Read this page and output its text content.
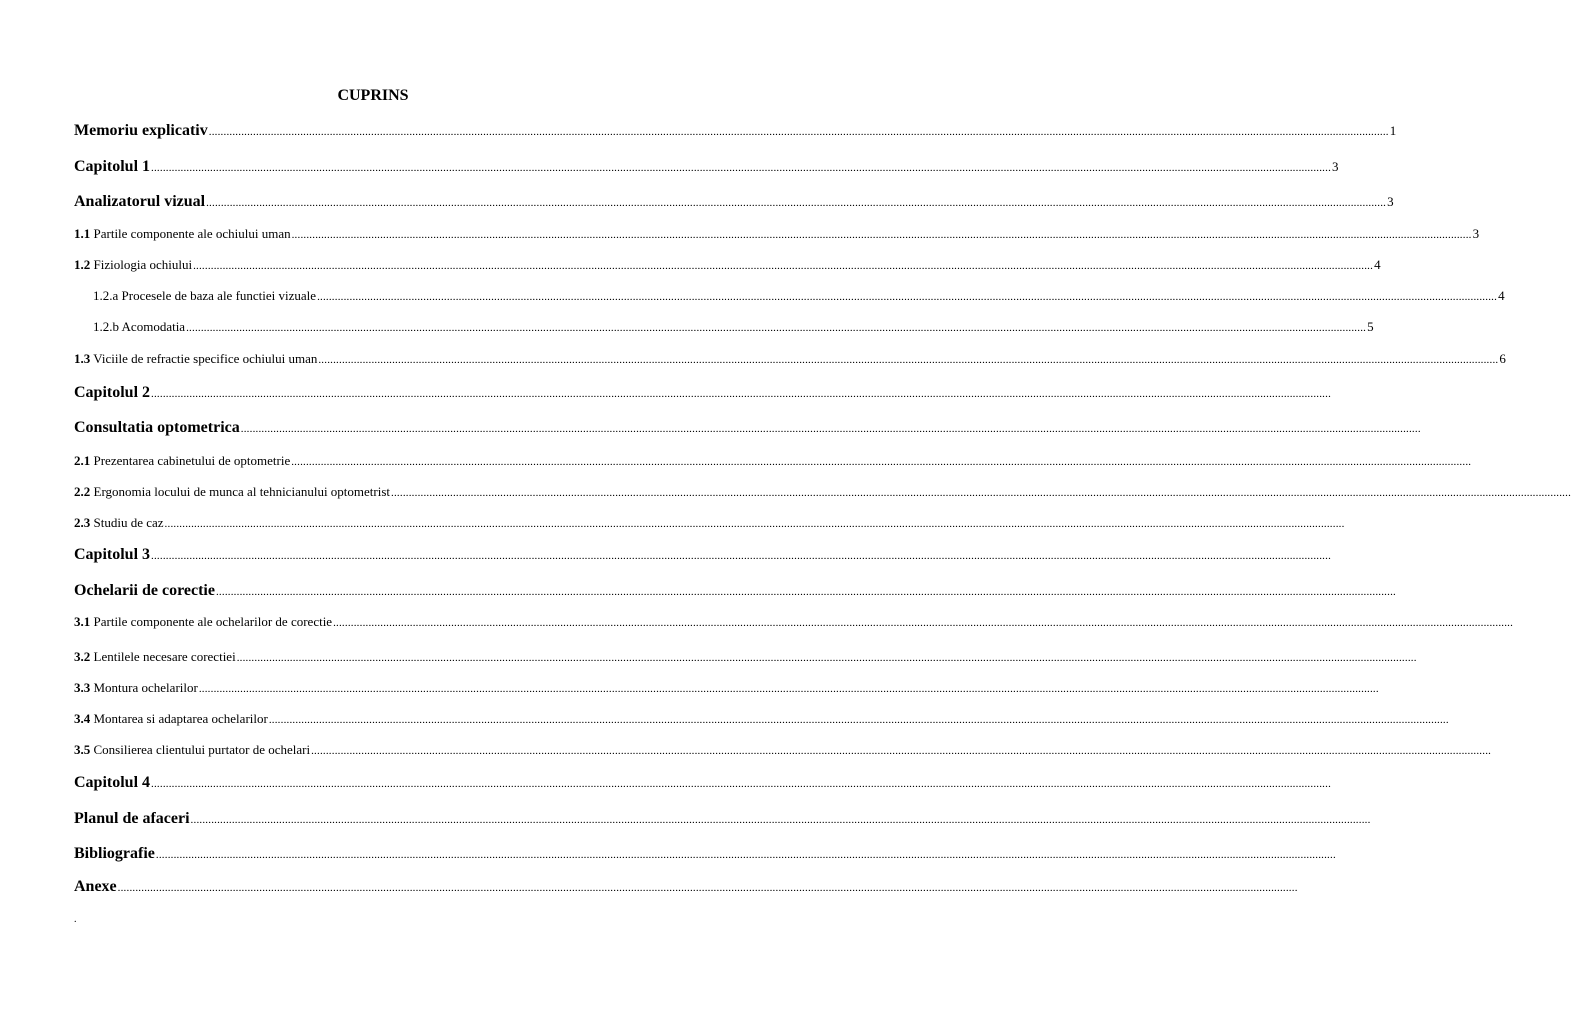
CUPRINS
Memoriu explicativ ................................................................................................................................................................................................................................................................................................................................................................................................................ 1
Capitolul 1 ................................................................................................................................................................................................................................................................................................................................................................................................................ 3
Analizatorul vizual ................................................................................................................................................................................................................................................................................................................................................................................................................ 3
1.1 Partile componente ale ochiului uman ................................................................................................................................................................................................................................................................................................................................................................................................................ 3
1.2 Fiziologia ochiului ................................................................................................................................................................................................................................................................................................................................................................................................................ 4
1.2.a Procesele de baza ale functiei vizuale ................................................................................................................................................................................................................................................................................................................................................................................................................ 4
1.2.b Acomodatia ................................................................................................................................................................................................................................................................................................................................................................................................................ 5
1.3 Viciile de refractie specifice ochiului uman ................................................................................................................................................................................................................................................................................................................................................................................................................ 6
Capitolul 2 ................................................................................................................................................................................................................................................................................................................................................................................................................
Consultatia optometrica ................................................................................................................................................................................................................................................................................................................................................................................................................
2.1 Prezentarea cabinetului de optometrie ................................................................................................................................................................................................................................................................................................................................................................................................................
2.2 Ergonomia locului de munca al tehnicianului optometrist ................................................................................................................................................................................................................................................................................................................................................................................................................
2.3 Studiu de caz ................................................................................................................................................................................................................................................................................................................................................................................................................
Capitolul 3 ................................................................................................................................................................................................................................................................................................................................................................................................................
Ochelarii de corectie ................................................................................................................................................................................................................................................................................................................................................................................................................
3.1 Partile componente ale ochelarilor de corectie ................................................................................................................................................................................................................................................................................................................................................................................................................
3.2 Lentilele necesare corectiei ................................................................................................................................................................................................................................................................................................................................................................................................................
3.3 Montura ochelarilor ................................................................................................................................................................................................................................................................................................................................................................................................................
3.4 Montarea si adaptarea ochelarilor ................................................................................................................................................................................................................................................................................................................................................................................................................
3.5 Consilierea clientului purtator de ochelari ................................................................................................................................................................................................................................................................................................................................................................................................................
Capitolul 4 ................................................................................................................................................................................................................................................................................................................................................................................................................
Planul de afaceri ................................................................................................................................................................................................................................................................................................................................................................................................................
Bibliografie ................................................................................................................................................................................................................................................................................................................................................................................................................
Anexe ................................................................................................................................................................................................................................................................................................................................................................................................................
.
